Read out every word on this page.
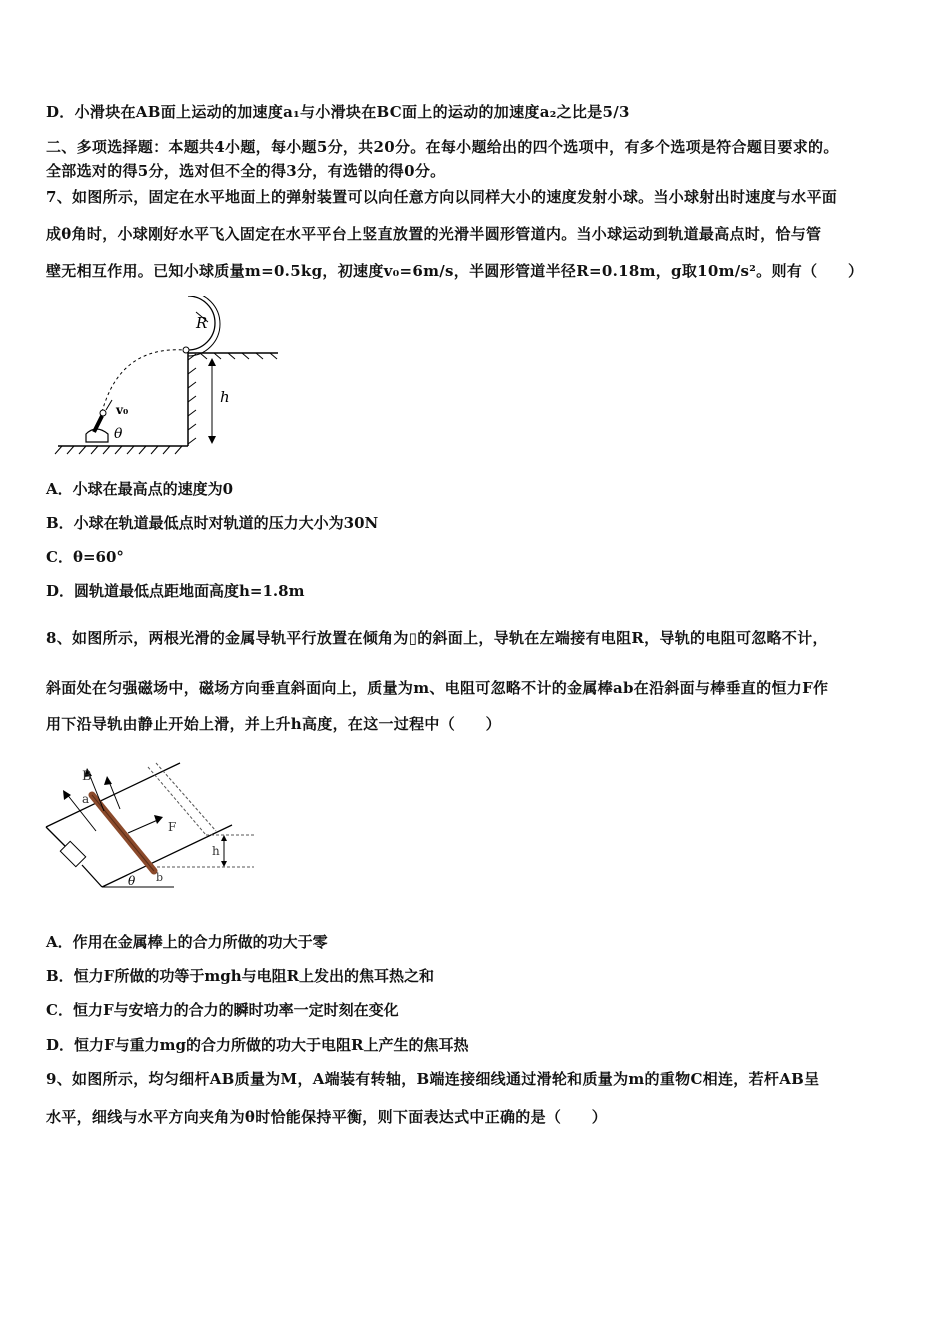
D．小滑块在AB面上运动的加速度a₁与小滑块在BC面上的运动的加速度a₂之比是5/3
二、多项选择题：本题共4小题，每小题5分，共20分。在每小题给出的四个选项中，有多个选项是符合题目要求的。
全部选对的得5分，选对但不全的得3分，有选错的得0分。
7、如图所示，固定在水平地面上的弹射装置可以向任意方向以同样大小的速度发射小球。当小球射出时速度与水平面
成θ角时，小球刚好水平飞入固定在水平平台上竖直放置的光滑半圆形管道内。当小球运动到轨道最高点时，恰与管
壁无相互作用。已知小球质量m=0.5kg，初速度v₀=6m/s，半圆形管道半径R=0.18m，g取10m/s²。则有（　　）
R
v₀
θ
h
A．小球在最高点的速度为0
B．小球在轨道最低点时对轨道的压力大小为30N
C．θ=60°
D．圆轨道最低点距地面高度h=1.8m
8、如图所示，两根光滑的金属导轨平行放置在倾角为▯的斜面上，导轨在左端接有电阻R，导轨的电阻可忽略不计，
斜面处在匀强磁场中，磁场方向垂直斜面向上，质量为m、电阻可忽略不计的金属棒ab在沿斜面与棒垂直的恒力F作
用下沿导轨由静止开始上滑，并上升h高度，在这一过程中（　　）
h
θ
B
a
F
b
A．作用在金属棒上的合力所做的功大于零
B．恒力F所做的功等于mgh与电阻R上发出的焦耳热之和
C．恒力F与安培力的合力的瞬时功率一定时刻在变化
D．恒力F与重力mg的合力所做的功大于电阻R上产生的焦耳热
9、如图所示，均匀细杆AB质量为M，A端装有转轴，B端连接细线通过滑轮和质量为m的重物C相连，若杆AB呈
水平，细线与水平方向夹角为θ时恰能保持平衡，则下面表达式中正确的是（　　）
